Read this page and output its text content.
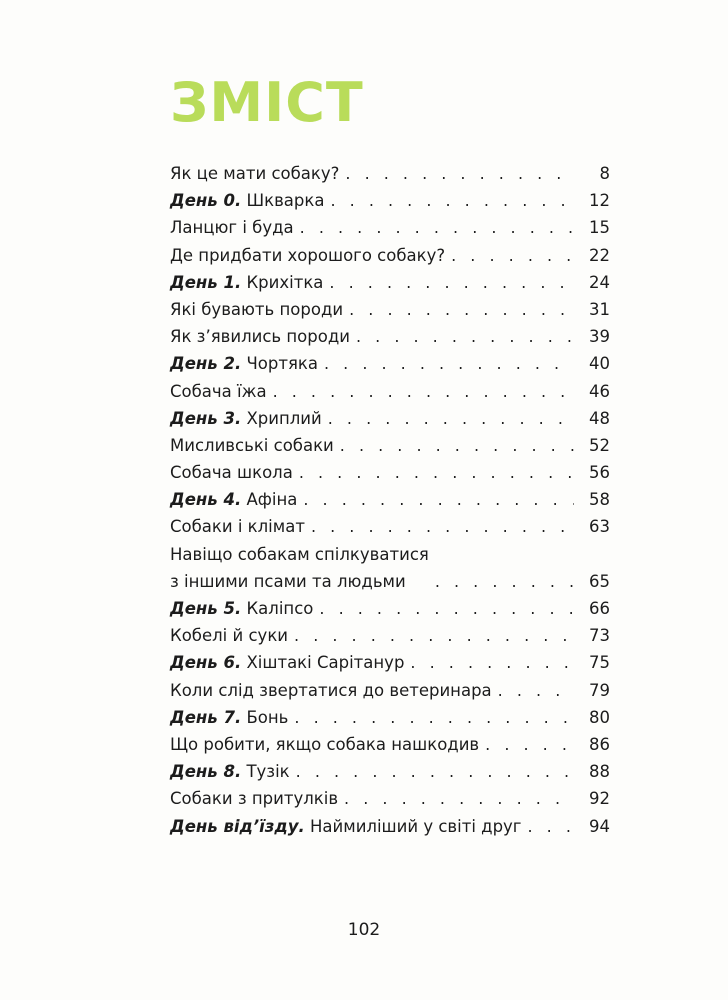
ЗМІСТ
Як це мати собаку? . . .	8
День 0. Шкварка . . .	12
Ланцюг і буда . . .	15
Де придбати хорошого собаку? . . .	22
День 1. Крихітка . . .	24
Які бувають породи . . .	31
Як з’явились породи . . .	39
День 2. Чортяка . . .	40
Собача їжа . . .	46
День 3. Хриплий . . .	48
Мисливські собаки . . .	52
Собача школа . . .	56
День 4. Афіна . . .	58
Собаки і клімат . . .	63
Навіщо собакам спілкуватися
з іншими псами та людьми . . .	65
День 5. Каліпсо . . .	66
Кобелі й суки . . .	73
День 6. Хіштакі Сарітанур . . .	75
Коли слід звертатися до ветеринара . . .	79
День 7. Бонь . . .	80
Що робити, якщо собака нашкодив . . .	86
День 8. Тузік . . .	88
Собаки з притулків . . .	92
День від’їзду. Наймиліший у світі друг . . .	94
102
